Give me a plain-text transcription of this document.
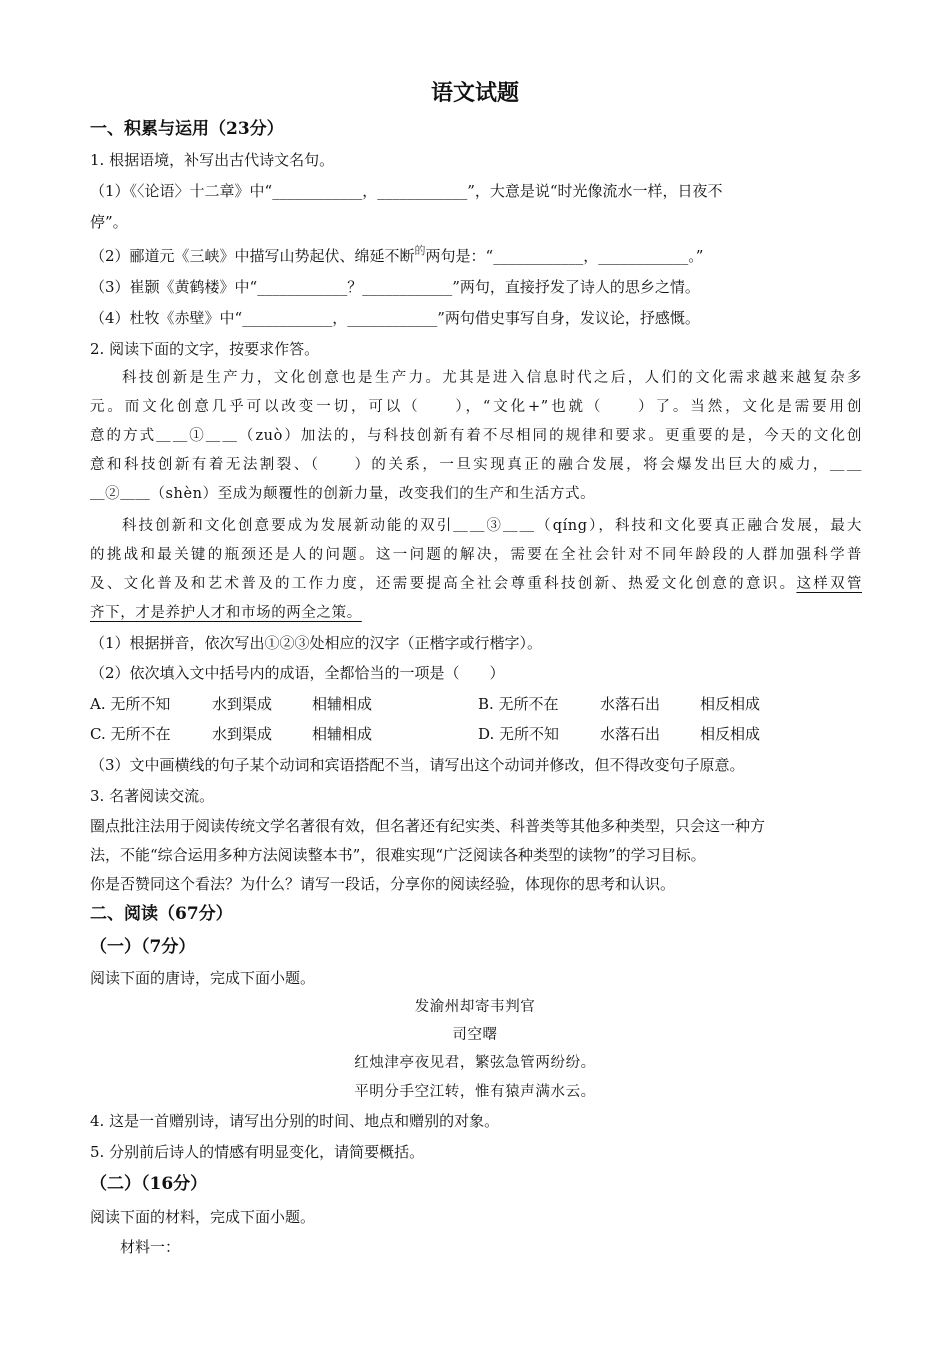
语文试题
一、积累与运用（23分）
1. 根据语境，补写出古代诗文名句。
（1）《〈论语〉十二章》中“____________，____________”，大意是说“时光像流水一样，日夜不
停”。
（2）郦道元《三峡》中描写山势起伏、绵延不断$^的$两句是：“____________，____________。”
（3）崔颢《黄鹤楼》中“____________？____________”两句，直接抒发了诗人的思乡之情。
（4）杜牧《赤壁》中“____________，____________”两句借史事写自身，发议论，抒感慨。
2. 阅读下面的文字，按要求作答。
科技创新是生产力，文化创意也是生产力。尤其是进入信息时代之后，人们的文化需求越来越复杂多
元。而文化创意几乎可以改变一切，可以（　　），“文化+”也就（　　）了。当然，文化是需要用创
意的方式＿＿①＿＿（zuò）加法的，与科技创新有着不尽相同的规律和要求。更重要的是，今天的文化创
意和科技创新有着无法割裂、（　　）的关系，一旦实现真正的融合发展，将会爆发出巨大的威力，＿＿
＿②＿＿（shèn）至成为颠覆性的创新力量，改变我们的生产和生活方式。
科技创新和文化创意要成为发展新动能的双引＿＿③＿＿（qíng），科技和文化要真正融合发展，最大
的挑战和最关键的瓶颈还是人的问题。这一问题的解决，需要在全社会针对不同年龄段的人群加强科学普
及、文化普及和艺术普及的工作力度，还需要提高全社会尊重科技创新、热爱文化创意的意识。这样双管
齐下，才是养护人才和市场的两全之策。
（1）根据拼音，依次写出①②③处相应的汉字（正楷字或行楷字）。
（2）依次填入文中括号内的成语，全都恰当的一项是（　　）
A. 无所不知	水到渠成	相辅相成	B. 无所不在	水落石出	相反相成
C. 无所不在	水到渠成	相辅相成	D. 无所不知	水落石出	相反相成
（3）文中画横线的句子某个动词和宾语搭配不当，请写出这个动词并修改，但不得改变句子原意。
3. 名著阅读交流。
圈点批注法用于阅读传统文学名著很有效，但名著还有纪实类、科普类等其他多种类型，只会这一种方
法，不能“综合运用多种方法阅读整本书”，很难实现“广泛阅读各种类型的读物”的学习目标。
你是否赞同这个看法？为什么？请写一段话，分享你的阅读经验，体现你的思考和认识。
二、阅读（67分）
（一）（7分）
阅读下面的唐诗，完成下面小题。
发渝州却寄韦判官
司空曙
红烛津亭夜见君，繁弦急管两纷纷。
平明分手空江转，惟有猿声满水云。
4. 这是一首赠别诗，请写出分别的时间、地点和赠别的对象。
5. 分别前后诗人的情感有明显变化，请简要概括。
（二）（16分）
阅读下面的材料，完成下面小题。
材料一：
